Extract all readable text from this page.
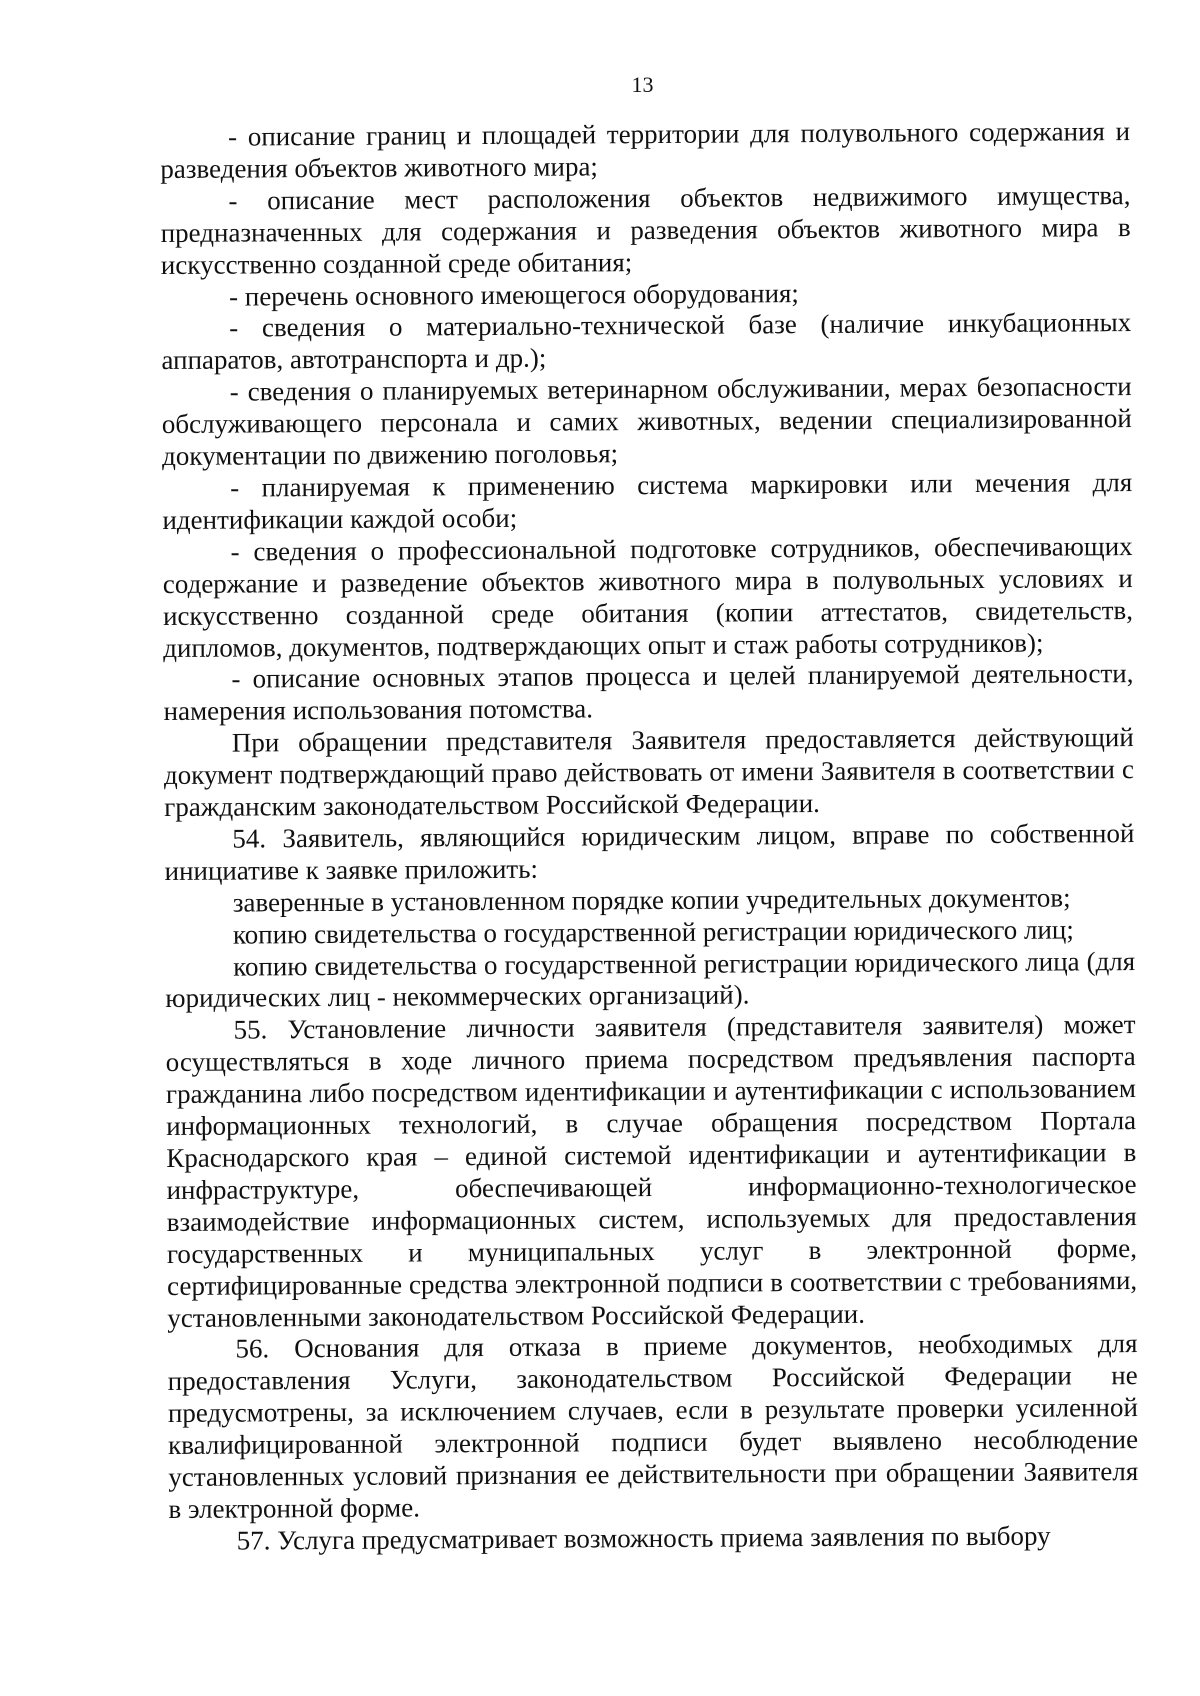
13

- описание границ и площадей территории для полувольного содержания и разведения объектов животного мира;

- описание мест расположения объектов недвижимого имущества, предназначенных для содержания и разведения объектов животного мира в искусственно созданной среде обитания;

- перечень основного имеющегося оборудования;

- сведения о материально-технической базе (наличие инкубационных аппаратов, автотранспорта и др.);

- сведения о планируемых ветеринарном обслуживании, мерах безопасности обслуживающего персонала и самих животных, ведении специализированной документации по движению поголовья;

- планируемая к применению система маркировки или мечения для идентификации каждой особи;

- сведения о профессиональной подготовке сотрудников, обеспечивающих содержание и разведение объектов животного мира в полувольных условиях и искусственно созданной среде обитания (копии аттестатов, свидетельств, дипломов, документов, подтверждающих опыт и стаж работы сотрудников);

- описание основных этапов процесса и целей планируемой деятельности, намерения использования потомства.

При обращении представителя Заявителя предоставляется действующий документ подтверждающий право действовать от имени Заявителя в соответствии с гражданским законодательством Российской Федерации.

54. Заявитель, являющийся юридическим лицом, вправе по собственной инициативе к заявке приложить:

заверенные в установленном порядке копии учредительных документов;

копию свидетельства о государственной регистрации юридического лиц;

копию свидетельства о государственной регистрации юридического лица (для юридических лиц - некоммерческих организаций).

55. Установление личности заявителя (представителя заявителя) может осуществляться в ходе личного приема посредством предъявления паспорта гражданина либо посредством идентификации и аутентификации с использованием информационных технологий, в случае обращения посредством Портала Краснодарского края – единой системой идентификации и аутентификации в инфраструктуре, обеспечивающей информационно-технологическое взаимодействие информационных систем, используемых для предоставления государственных и муниципальных услуг в электронной форме, сертифицированные средства электронной подписи в соответствии с требованиями, установленными законодательством Российской Федерации.

56. Основания для отказа в приеме документов, необходимых для предоставления Услуги, законодательством Российской Федерации не предусмотрены, за исключением случаев, если в результате проверки усиленной квалифицированной электронной подписи будет выявлено несоблюдение установленных условий признания ее действительности при обращении Заявителя в электронной форме.

57. Услуга предусматривает возможность приема заявления по выбору
